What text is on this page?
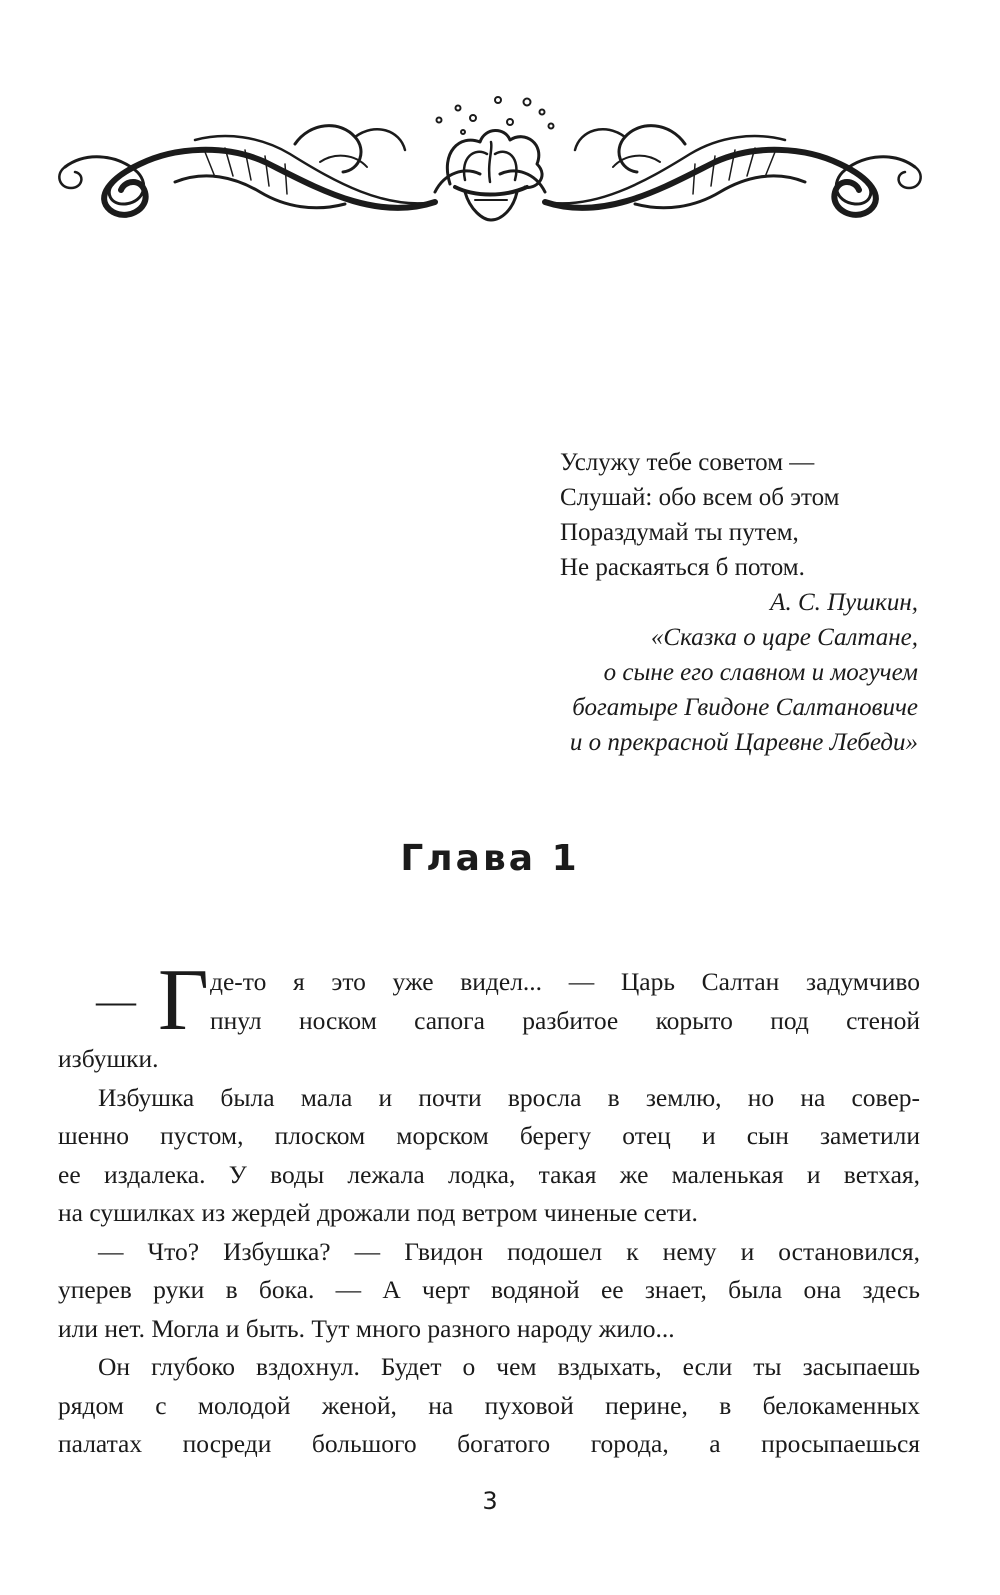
Услужу тебе советом —
Слушай: обо всем об этом
Пораздумай ты путем,
Не раскаяться б потом.
А. С. Пушкин,
«Сказка о царе Салтане,
о сыне его славном и могучем
богатыре Гвидоне Салтановиче
и о прекрасной Царевне Лебеди»
Глава 1
— Г де-то я это уже видел... — Царь Салтан задумчиво
пнул носком сапога разбитое корыто под стеной
избушки.
Избушка была мала и почти вросла в землю, но на совер-
шенно пустом, плоском морском берегу отец и сын заметили
ее издалека. У воды лежала лодка, такая же маленькая и ветхая,
на сушилках из жердей дрожали под ветром чиненые сети.
— Что? Избушка? — Гвидон подошел к нему и остановился,
уперев руки в бока. — А черт водяной ее знает, была она здесь
или нет. Могла и быть. Тут много разного народу жило...
Он глубоко вздохнул. Будет о чем вздыхать, если ты засыпаешь
рядом с молодой женой, на пуховой перине, в белокаменных
палатах посреди большого богатого города, а просыпаешься
3
